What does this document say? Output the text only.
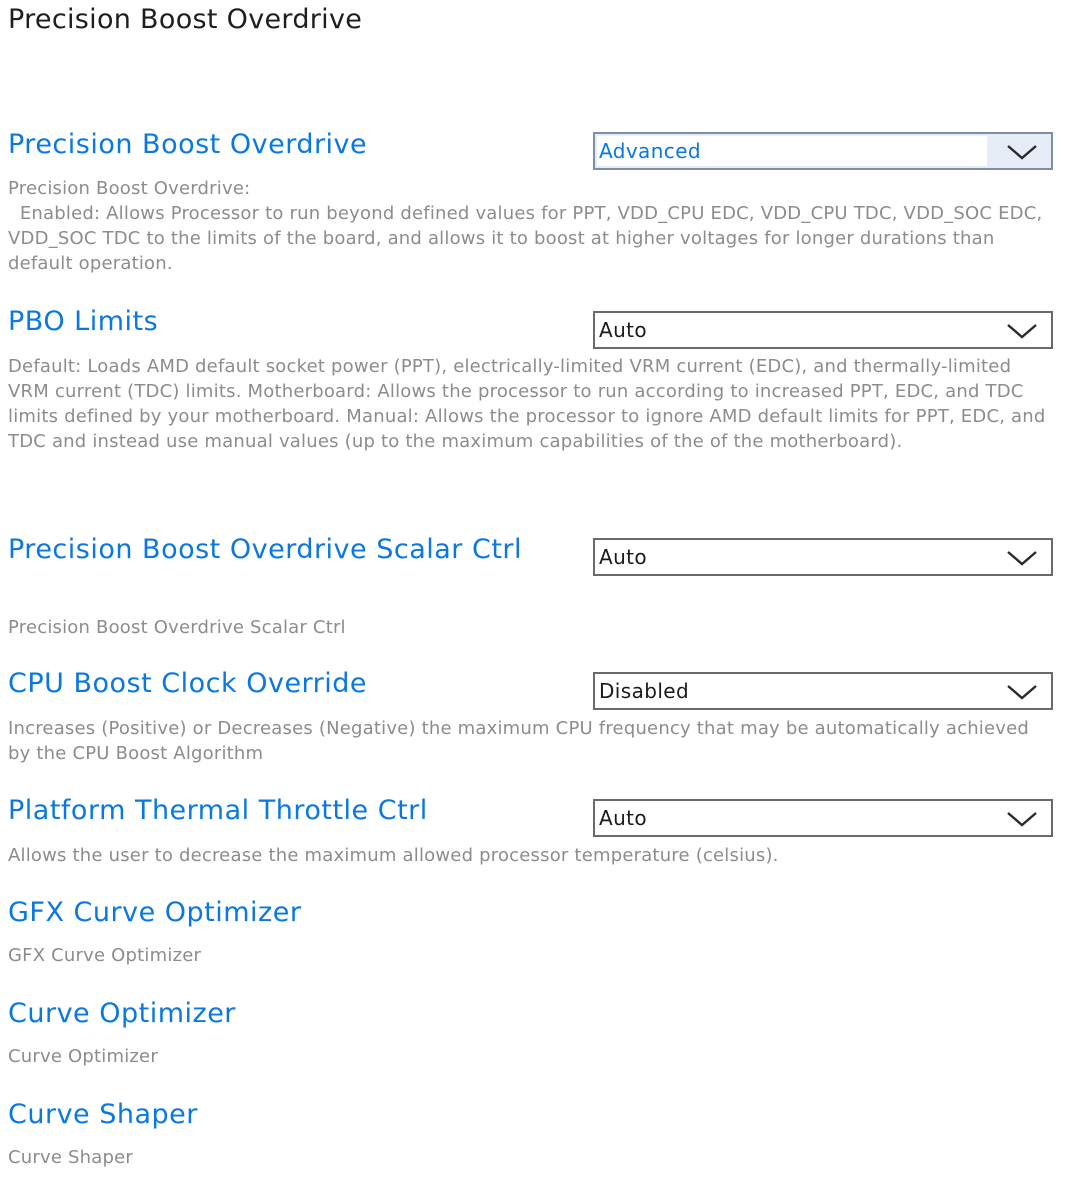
Precision Boost Overdrive
Precision Boost Overdrive	Advanced
Precision Boost Overdrive:
Enabled: Allows Processor to run beyond defined values for PPT, VDD_CPU EDC, VDD_CPU TDC, VDD_SOC EDC, VDD_SOC TDC to the limits of the board, and allows it to boost at higher voltages for longer durations than default operation.
PBO Limits	Auto
Default: Loads AMD default socket power (PPT), electrically-limited VRM current (EDC), and thermally-limited VRM current (TDC) limits. Motherboard: Allows the processor to run according to increased PPT, EDC, and TDC limits defined by your motherboard. Manual: Allows the processor to ignore AMD default limits for PPT, EDC, and TDC and instead use manual values (up to the maximum capabilities of the of the motherboard).
Precision Boost Overdrive Scalar Ctrl	Auto
Precision Boost Overdrive Scalar Ctrl
CPU Boost Clock Override	Disabled
Increases (Positive) or Decreases (Negative) the maximum CPU frequency that may be automatically achieved by the CPU Boost Algorithm
Platform Thermal Throttle Ctrl	Auto
Allows the user to decrease the maximum allowed processor temperature (celsius).
GFX Curve Optimizer
GFX Curve Optimizer
Curve Optimizer
Curve Optimizer
Curve Shaper
Curve Shaper
